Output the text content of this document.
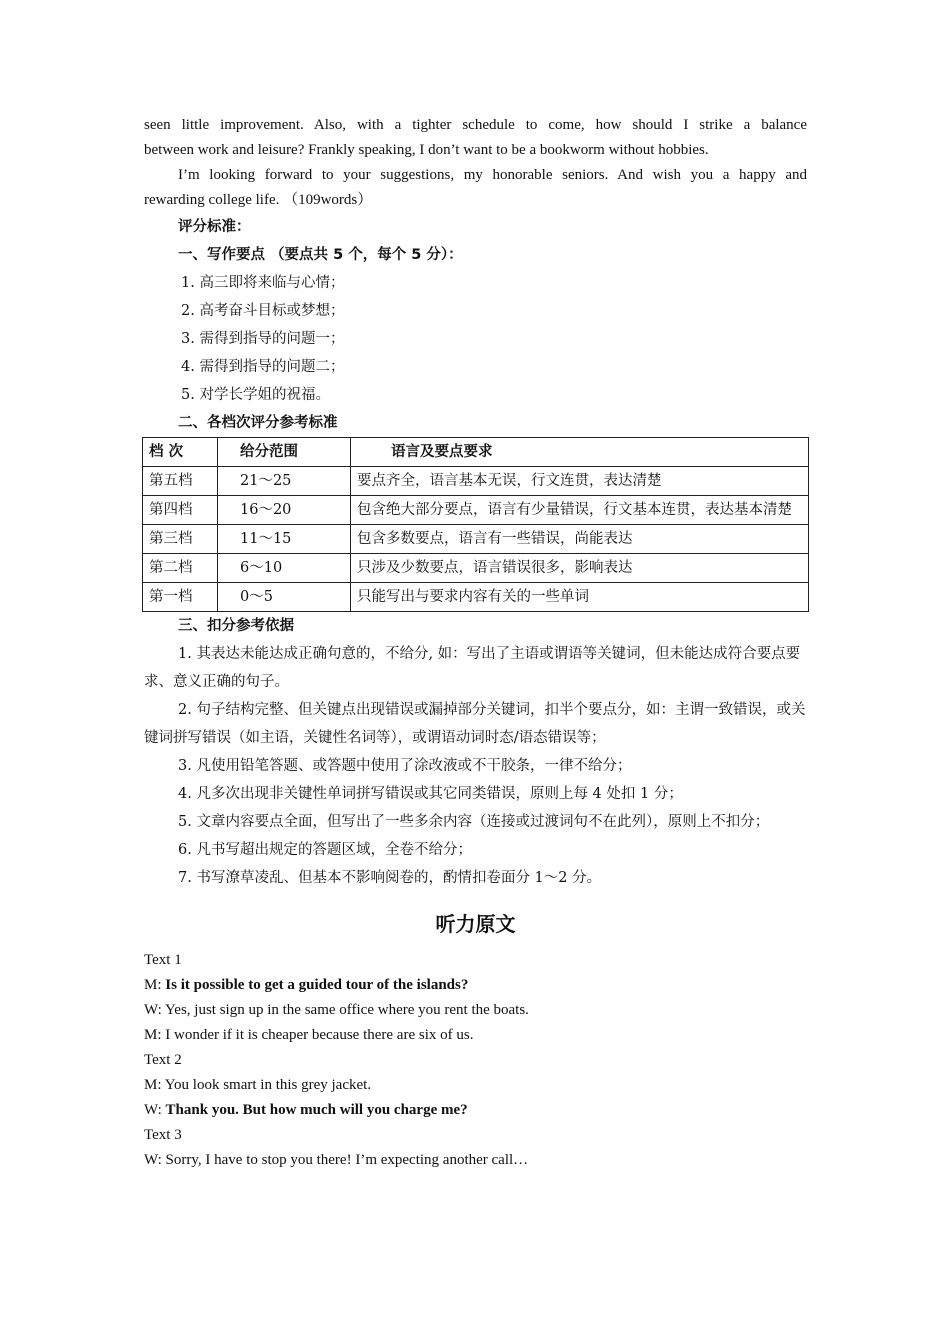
seen little improvement. Also, with a tighter schedule to come, how should I strike a balance

between work and leisure? Frankly speaking, I don’t want to be a bookworm without hobbies.

I’m looking forward to your suggestions, my honorable seniors. And wish you a happy and

rewarding college life. （109words）

评分标准：

一、写作要点 （要点共 5 个，每个 5 分）：

1. 高三即将来临与心情；

2. 高考奋斗目标或梦想；

3. 需得到指导的问题一；

4. 需得到指导的问题二；

5. 对学长学姐的祝福。

二、各档次评分参考标准

档 次	给分范围	语言及要点要求
第五档	21～25	要点齐全，语言基本无误，行文连贯，表达清楚
第四档	16～20	包含绝大部分要点，语言有少量错误，行文基本连贯，表达基本清楚
第三档	11～15	包含多数要点，语言有一些错误，尚能表达
第二档	6～10	只涉及少数要点，语言错误很多，影响表达
第一档	0～5	只能写出与要求内容有关的一些单词

三、扣分参考依据

1. 其表达未能达成正确句意的，不给分, 如：写出了主语或谓语等关键词，但未能达成符合要点要求、意义正确的句子。

2. 句子结构完整、但关键点出现错误或漏掉部分关键词，扣半个要点分，如：主谓一致错误，或关键词拼写错误（如主语，关键性名词等），或谓语动词时态/语态错误等；

3. 凡使用铅笔答题、或答题中使用了涂改液或不干胶条，一律不给分；

4. 凡多次出现非关键性单词拼写错误或其它同类错误，原则上每 4 处扣 1 分；

5. 文章内容要点全面，但写出了一些多余内容（连接或过渡词句不在此列），原则上不扣分；

6. 凡书写超出规定的答题区域，全卷不给分；

7. 书写潦草凌乱、但基本不影响阅卷的，酌情扣卷面分 1～2 分。

听力原文

Text 1

M: Is it possible to get a guided tour of the islands?

W: Yes, just sign up in the same office where you rent the boats.

M: I wonder if it is cheaper because there are six of us.

Text 2

M: You look smart in this grey jacket.

W: Thank you. But how much will you charge me?

Text 3

W: Sorry, I have to stop you there! I’m expecting another call…
